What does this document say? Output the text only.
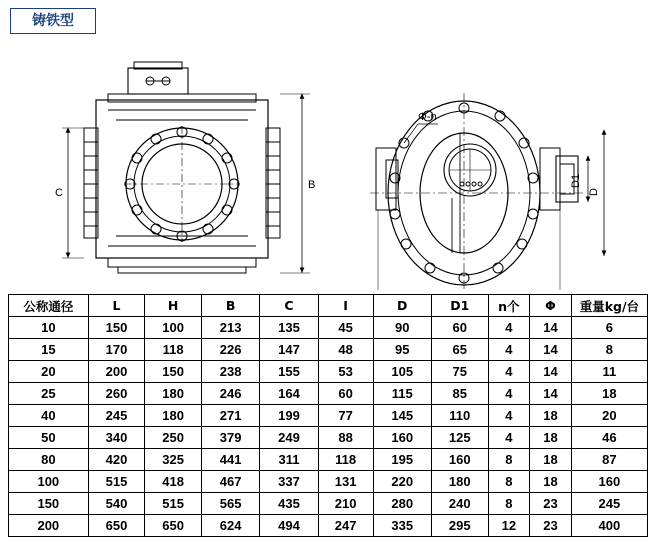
铸铁型
C
B
Φ-n
D1
D
公称通径	L	H	B	C	I	D	D1	n个	Φ	重量kg/台
10	150	100	213	135	45	90	60	4	14	6
15	170	118	226	147	48	95	65	4	14	8
20	200	150	238	155	53	105	75	4	14	11
25	260	180	246	164	60	115	85	4	14	18
40	245	180	271	199	77	145	110	4	18	20
50	340	250	379	249	88	160	125	4	18	46
80	420	325	441	311	118	195	160	8	18	87
100	515	418	467	337	131	220	180	8	18	160
150	540	515	565	435	210	280	240	8	23	245
200	650	650	624	494	247	335	295	12	23	400
